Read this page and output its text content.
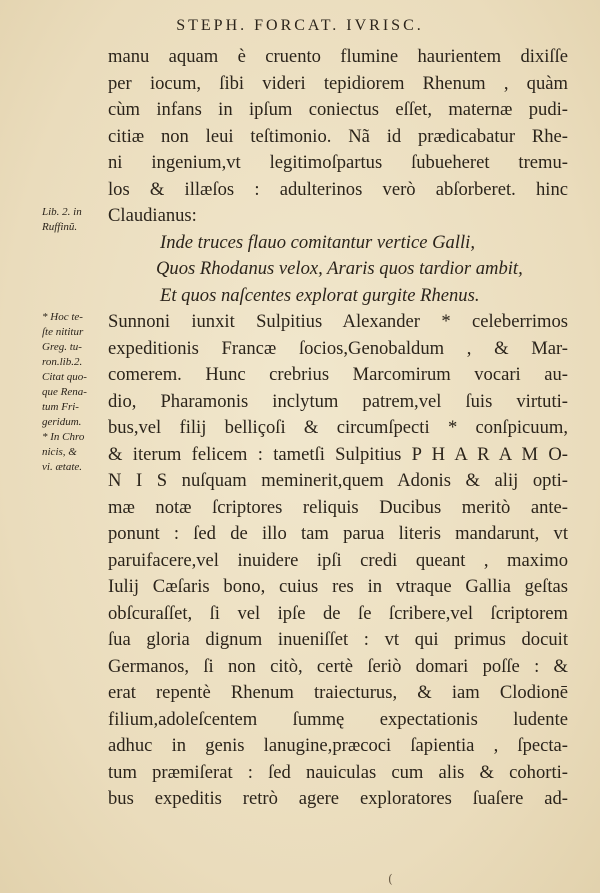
STEPH. FORCAT. IVRISC.
manu aquam è cruento flumine haurientem dixiſſe
per iocum, ſibi videri tepidiorem Rhenum , quàm
cùm infans in ipſum coniectus eſſet, maternæ pudi-
citiæ non leui teſtimonio. Nã id prædicabatur Rhe-
ni ingenium,vt legitimoſpartus ſubueheret tremu-
los & illæſos : adulterinos verò abſorberet. hinc
Claudianus:
Inde truces flauo comitantur vertice Galli,
Quos Rhodanus velox, Araris quos tardior ambit,
Et quos naſcentes explorat gurgite Rhenus.
Sunnoni iunxit Sulpitius Alexander * celeberrimos
expeditionis Francæ ſocios,Genobaldum , & Mar-
comerem. Hunc crebrius Marcomirum vocari au-
dio, Pharamonis inclytum patrem,vel ſuis virtuti-
bus,vel filij belliçoſi & circumſpecti * conſpicuum,
& iterum felicem : tametſi Sulpitius P H A R A M O-
N I S nuſquam meminerit,quem Adonis & alij opti-
mæ notæ ſcriptores reliquis Ducibus meritò ante-
ponunt : ſed de illo tam parua literis mandarunt, vt
paruifacere,vel inuidere ipſi credi queant , maximo
Iulij Cæſaris bono, cuius res in vtraque Gallia geſtas
obſcuraſſet, ſi vel ipſe de ſe ſcribere,vel ſcriptorem
ſua gloria dignum inueniſſet : vt qui primus docuit
Germanos, ſi non citò, certè ſeriò domari poſſe : &
erat repentè Rhenum traiecturus, & iam Clodionē
filium,adoleſcentem ſummę expectationis ludente
adhuc in genis lanugine,præcoci ſapientia , ſpecta-
tum præmiſerat : ſed nauiculas cum alis & cohorti-
bus expeditis retrò agere exploratores ſuaſere ad-
Lib. 2. in
Ruffinũ.
* Hoc te-
ſte nititur
Greg. tu-
ron.lib.2.
Citat quo-
que Rena-
tum Fri-
geridum.
* In Chro
nicis, &
vi. ætate.
(
